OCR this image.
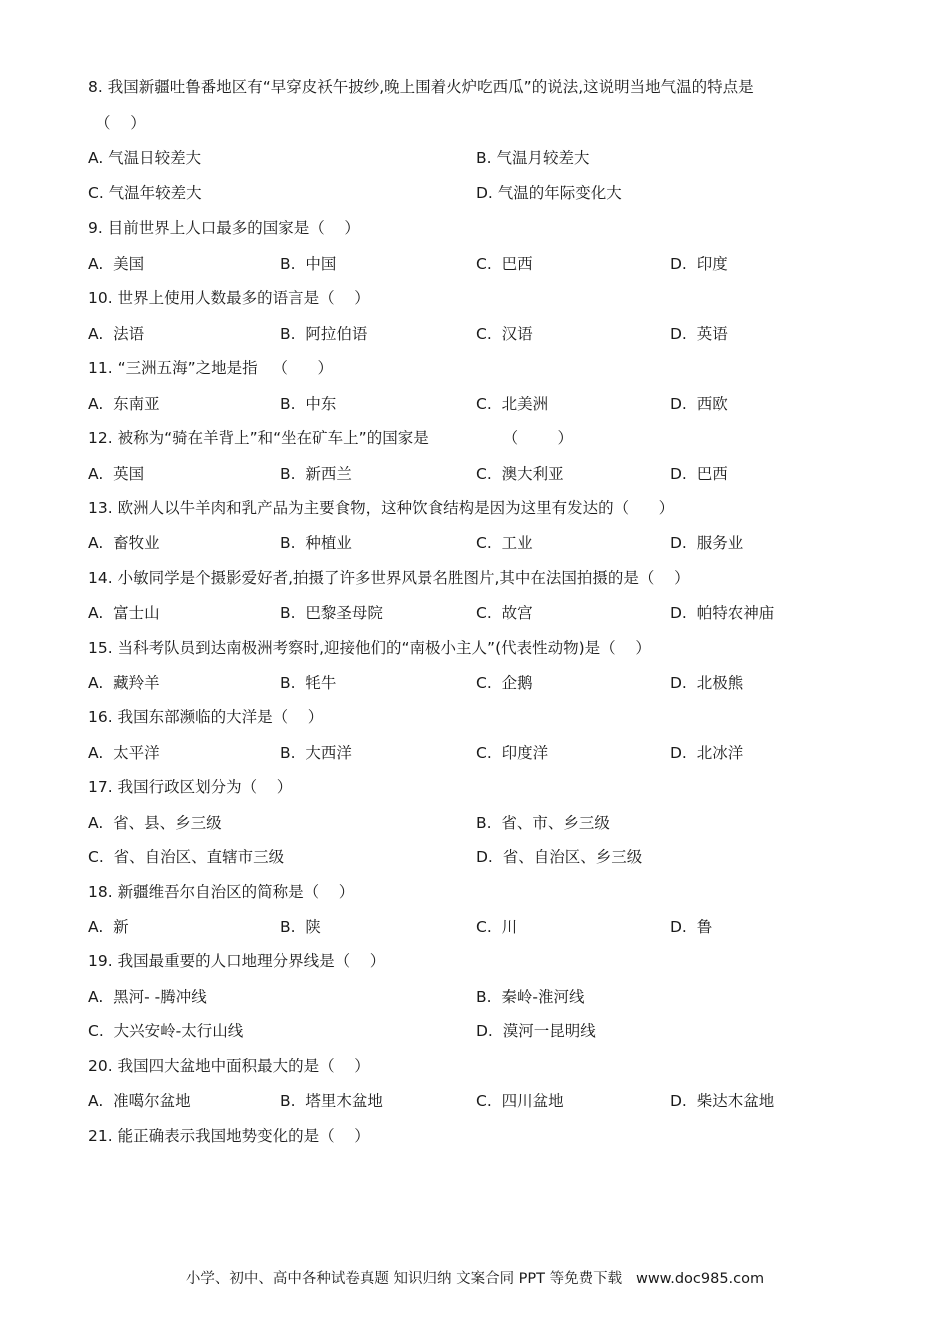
8. 我国新疆吐鲁番地区有“早穿皮袄午披纱,晚上围着火炉吃西瓜”的说法,这说明当地气温的特点是
（    ）
A. 气温日较差大	B. 气温月较差大
C. 气温年较差大	D. 气温的年际变化大
9. 目前世界上人口最多的国家是（    ）
A.  美国	B.  中国	C.  巴西	D.  印度
10. 世界上使用人数最多的语言是（    ）
A.  法语	B.  阿拉伯语	C.  汉语	D.  英语
11. “三洲五海”之地是指   （      ）
A.  东南亚	B.  中东	C.  北美洲	D.  西欧
12. 被称为“骑在羊背上”和“坐在矿车上”的国家是               （        ）
A.  英国	B.  新西兰	C.  澳大利亚	D.  巴西
13. 欧洲人以牛羊肉和乳产品为主要食物，这种饮食结构是因为这里有发达的（      ）
A.  畜牧业	B.  种植业	C.  工业	D.  服务业
14. 小敏同学是个摄影爱好者,拍摄了许多世界风景名胜图片,其中在法国拍摄的是（    ）
A.  富士山	B.  巴黎圣母院	C.  故宫	D.  帕特农神庙
15. 当科考队员到达南极洲考察时,迎接他们的“南极小主人”(代表性动物)是（    ）
A.  藏羚羊	B.  牦牛	C.  企鹅	D.  北极熊
16. 我国东部濒临的大洋是（    ）
A.  太平洋	B.  大西洋	C.  印度洋	D.  北冰洋
17. 我国行政区划分为（    ）
A.  省、县、乡三级	B.  省、市、乡三级
C.  省、自治区、直辖市三级	D.  省、自治区、乡三级
18. 新疆维吾尔自治区的简称是（    ）
A.  新	B.  陕	C.  川	D.  鲁
19. 我国最重要的人口地理分界线是（    ）
A.  黑河- -腾冲线	B.  秦岭-淮河线
C.  大兴安岭-太行山线	D.  漠河一昆明线
20. 我国四大盆地中面积最大的是（    ）
A.  准噶尔盆地	B.  塔里木盆地	C.  四川盆地	D.  柴达木盆地
21. 能正确表示我国地势变化的是（    ）
小学、初中、高中各种试卷真题 知识归纳 文案合同 PPT 等免费下载   www.doc985.com
